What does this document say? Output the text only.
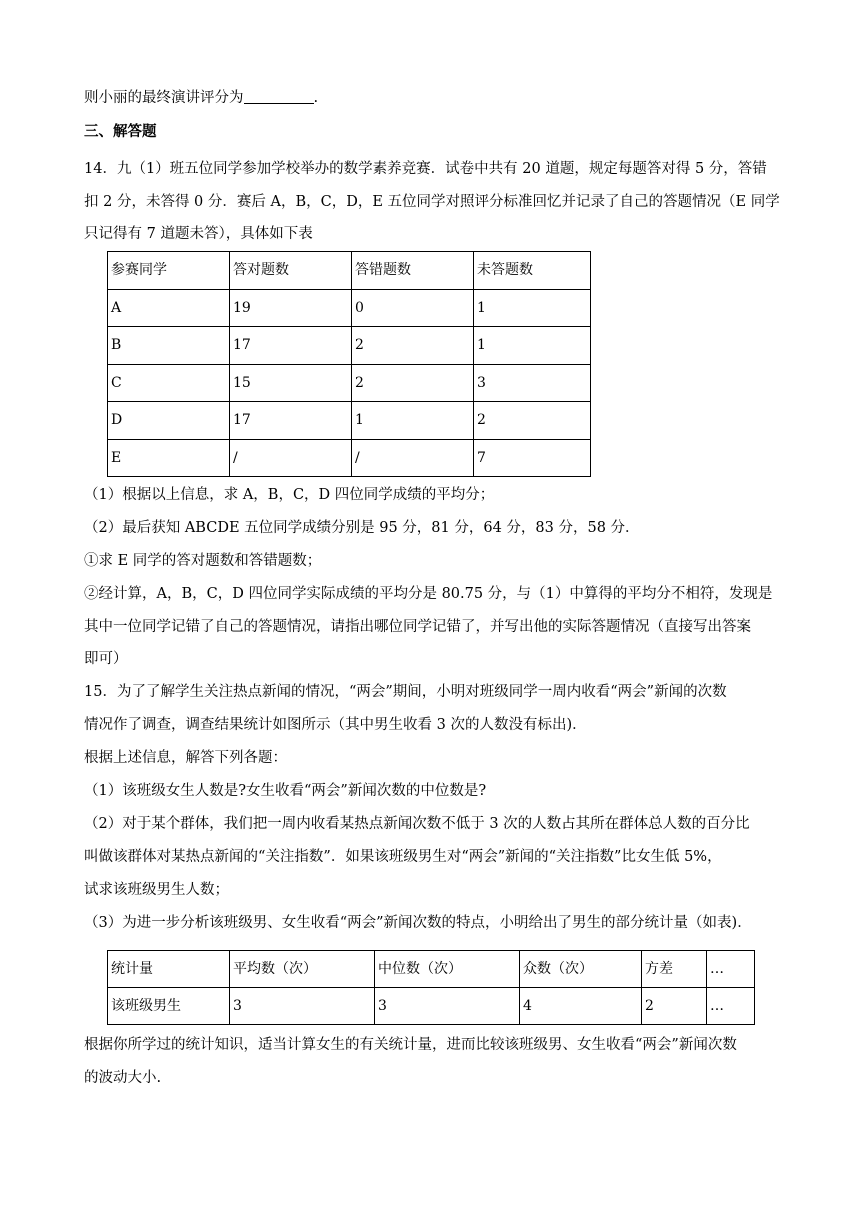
则小丽的最终演讲评分为	.
三、解答题
14．九（1）班五位同学参加学校举办的数学素养竞赛．试卷中共有 20 道题，规定每题答对得 5 分，答错
扣 2 分，未答得 0 分．赛后 A，B，C，D，E 五位同学对照评分标准回忆并记录了自己的答题情况（E 同学
只记得有 7 道题未答），具体如下表
参赛同学	答对题数	答错题数	未答题数
A	19	0	1
B	17	2	1
C	15	2	3
D	17	1	2
E	/	/	7
（1）根据以上信息，求 A，B，C，D 四位同学成绩的平均分；
（2）最后获知 ABCDE 五位同学成绩分别是 95 分，81 分，64 分，83 分，58 分．
①求 E 同学的答对题数和答错题数；
②经计算，A，B，C，D 四位同学实际成绩的平均分是 80.75 分，与（1）中算得的平均分不相符，发现是
其中一位同学记错了自己的答题情况，请指出哪位同学记错了，并写出他的实际答题情况（直接写出答案
即可）
15．为了了解学生关注热点新闻的情况，“两会”期间，小明对班级同学一周内收看“两会”新闻的次数
情况作了调查，调查结果统计如图所示（其中男生收看 3 次的人数没有标出)．
根据上述信息，解答下列各题：
（1）该班级女生人数是?女生收看“两会”新闻次数的中位数是?
（2）对于某个群体，我们把一周内收看某热点新闻次数不低于 3 次的人数占其所在群体总人数的百分比
叫做该群体对某热点新闻的“关注指数”．如果该班级男生对“两会”新闻的“关注指数”比女生低 5%，
试求该班级男生人数；
（3）为进一步分析该班级男、女生收看“两会”新闻次数的特点，小明给出了男生的部分统计量（如表)．
统计量	平均数（次）	中位数（次）	众数（次）	方差	…
该班级男生	3	3	4	2	…
根据你所学过的统计知识，适当计算女生的有关统计量，进而比较该班级男、女生收看“两会”新闻次数
的波动大小.
